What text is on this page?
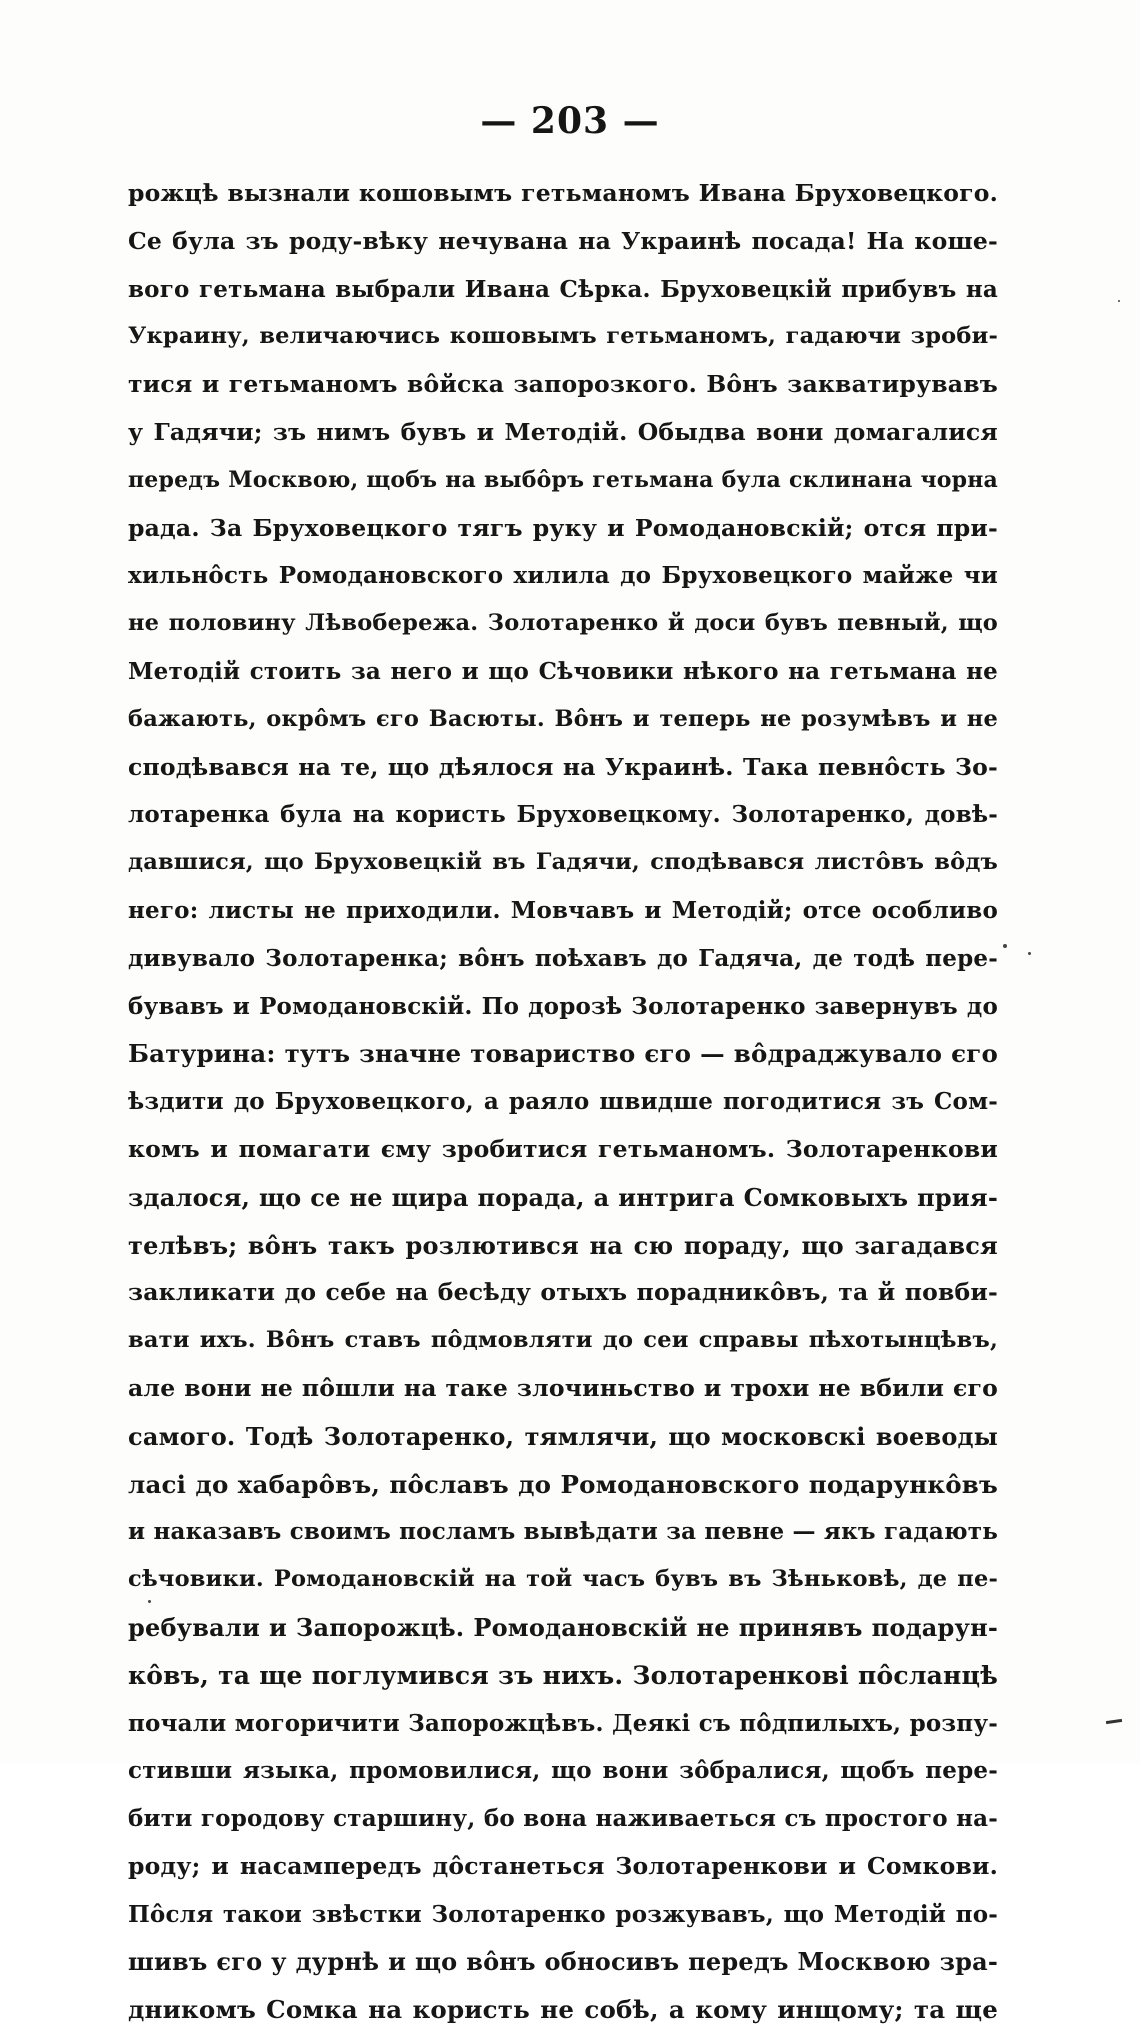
— 203 —
рожцѣ вызнали кошовымъ гетьманомъ Ивана Бруховецкого.
Се була зъ роду-вѣку нечувана на Украинѣ посада! На коше-
вого гетьмана выбрали Ивана Сѣрка. Бруховецкій прибувъ на
Украину, величаючись кошовымъ гетьманомъ, гадаючи зроби-
тися и гетьманомъ вôйска запорозкого. Вôнъ закватирувавъ
у Гадячи; зъ нимъ бувъ и Методій. Обыдва вони домагалися
передъ Москвою, щобъ на выбôръ гетьмана була склинана чорна
рада. За Бруховецкого тягъ руку и Ромодановскій; отся при-
хильнôсть Ромодановского хилила до Бруховецкого майже чи
не половину Лѣвобережа. Золотаренко й доси бувъ певный, що
Методій стоить за него и що Сѣчовики нѣкого на гетьмана не
бажають, окрôмъ єго Васюты. Вôнъ и теперь не розумѣвъ и не
сподѣвався на те, що дѣялося на Украинѣ. Така певнôсть Зо-
лотаренка була на користь Бруховецкому. Золотаренко, довѣ-
давшися, що Бруховецкій въ Гадячи, сподѣвався листôвъ вôдъ
него: листы не приходили. Мовчавъ и Методій; отсе особливо
дивувало Золотаренка; вôнъ поѣхавъ до Гадяча, де тодѣ пере-
бувавъ и Ромодановскій. По дорозѣ Золотаренко завернувъ до
Батурина: тутъ значне товариство єго — вôдраджувало єго
ѣздити до Бруховецкого, а раяло швидше погодитися зъ Сом-
комъ и помагати єму зробитися гетьманомъ. Золотаренкови
здалося, що се не щира порада, а интрига Сомковыхъ прия-
телѣвъ; вôнъ такъ розлютився на сю пораду, що загадався
закликати до себе на бесѣду отыхъ порадникôвъ, та й повби-
вати ихъ. Вôнъ ставъ пôдмовляти до сеи справы пѣхотынцѣвъ,
але вони не пôшли на таке злочиньство и трохи не вбили єго
самого. Тодѣ Золотаренко, тямлячи, що московскі воеводы
ласі до хабарôвъ, пôславъ до Ромодановского подарункôвъ
и наказавъ своимъ посламъ вывѣдати за певне — якъ гадають
сѣчовики. Ромодановскій на той часъ бувъ въ Зѣньковѣ, де пе-
ребували и Запорожцѣ. Ромодановскій не принявъ подарун-
кôвъ, та ще поглумився зъ нихъ. Золотаренкові пôсланцѣ
почали могоричити Запорожцѣвъ. Деякі съ пôдпилыхъ, розпу-
стивши языка, промовилися, що вони зôбралися, щобъ пере-
бити городову старшину, бо вона наживаеться съ простого на-
роду; и насампередъ дôстанеться Золотаренкови и Сомкови.
Пôсля такои звѣстки Золотаренко розжувавъ, що Методій по-
шивъ єго у дурнѣ и що вôнъ обносивъ передъ Москвою зра-
дникомъ Сомка на користь не собѣ, а кому инщому; та ще
